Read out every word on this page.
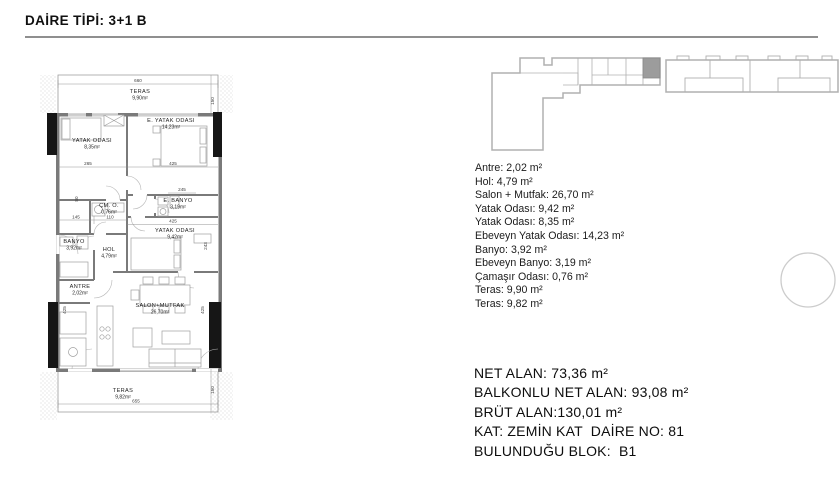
DAİRE TİPİ: 3+1 B
660
150
265	425
80
145	110
245
425
243
425	425
655
150
TERAS
9,90m²
YATAK ODASI
8,35m²
E. YATAK ODASI
14,23m²
ÇM. O.
0,76m²
E. BANYO
3,19m²
YATAK ODASI
9,42m²
BANYO
3,92m²	HOL
4,79m²
ANTRE
2,02m²
SALON+MUTFAK
26,70m²
TERAS
9,82m²
Antre: 2,02 m²
Hol: 4,79 m²
Salon + Mutfak: 26,70 m²
Yatak Odası: 9,42 m²
Yatak Odası: 8,35 m²
Ebeveyn Yatak Odası: 14,23 m²
Banyo: 3,92 m²
Ebeveyn Banyo: 3,19 m²
Çamaşır Odası: 0,76 m²
Teras: 9,90 m²
Teras: 9,82 m²
NET ALAN: 73,36 m²
BALKONLU NET ALAN: 93,08 m²
BRÜT ALAN:130,01 m²
KAT: ZEMİN KAT  DAİRE NO: 81
BULUNDUĞU BLOK:  B1
